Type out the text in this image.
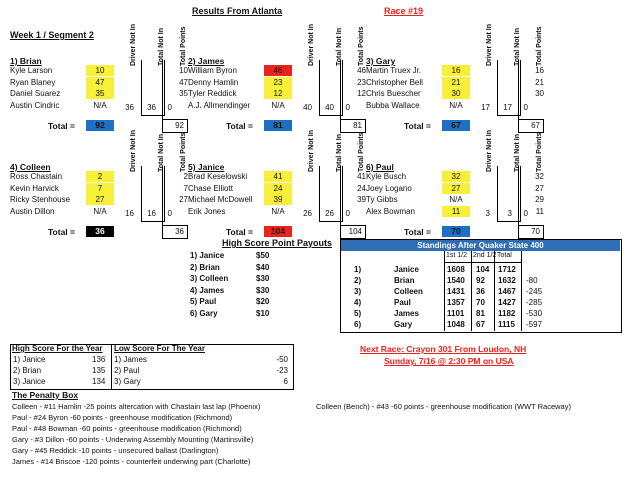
Results From Atlanta	Race #19
Week 1 / Segment 2	Driver Not In	Total Not In Total Points
1) Brian
Kyle Larson	10	10
Ryan Blaney	47	47
Daniel Suarez	35	35
Austin Cindric	N/A	36	36	0
92
Total =	92
Driver Not In	Total Not In Total Points
2) James
William Byron	46	46
Denny Hamlin	23	23
Tyler Reddick	12	12
A.J. Allmendinger	N/A	40	40	0
81
Total =	81
Driver Not In	Total Not In Total Points
3) Gary
Martin Truex Jr.	16	16
Christopher Bell	21	21
Chris Buescher	30	30
Bubba Wallace	N/A	17	17	0
67
Total =	67
Driver Not In	Total Not In Total Points
4) Colleen
Ross Chastain	2	2
Kevin Harvick	7	7
Ricky Stenhouse	27	27
Austin Dillon	N/A	16	16	0
36
Total =	36
Driver Not In	Total Not In Total Points
5) Janice
Brad Keselowski	41	41
Chase Elliott	24	24
Michael McDowell	39	39
Erik Jones	N/A	26	26	0
104
Total =	104
Driver Not In	Total Not In Total Points
6) Paul
Kyle Busch	32	32
Joey Logano	27	27
Ty Gibbs	N/A	29
Alex Bowman	11	11
3	3	0
70
Total =	70
High Score Point Payouts
1) Janice	$50
2) Brian	$40
3) Colleen	$30
4) James	$30
5) Paul	$20
6) Gary	$10
Standings After Quaker State 400
1st 1/2 2nd 1/2 Total
1)	Janice	1608 104 1712
2)	Brian	1540 92 1632 -80
3)	Colleen	1431 36 1467 -245
4)	Paul	1357 70 1427 -285
5)	James	1101 81 1182 -530
6)	Gary	1048 67 1115 -597
High Score For the Year Low Score For The Year
1) Janice	136
2) Brian	135
3) Janice	134
1) James	-50
2) Paul	-23
3) Gary	6
Next Race: Crayon 301 From Loudon, NH
Sunday, 7/16 @ 2:30 PM on USA
The Penalty Box
Colleen - #11 Hamlin -25 points altercation with Chastain last lap (Phoenix)
Paul - #24 Byron -60 points - greenhouse modification (Richmond)
Paul - #48 Bowman -60 points - greenhouse modification (Richmond)
Gary - #3 Dillon -60 points - Underwing Assembly Mounting (Martinsville)
Gary - #45 Reddick -10 points - unsecured ballast (Darlington)
James - #14 Briscoe -120 points - counterfeit underwing part (Charlotte)
Colleen (Bench) - #43 -60 points - greenhouse modification (WWT Raceway)
